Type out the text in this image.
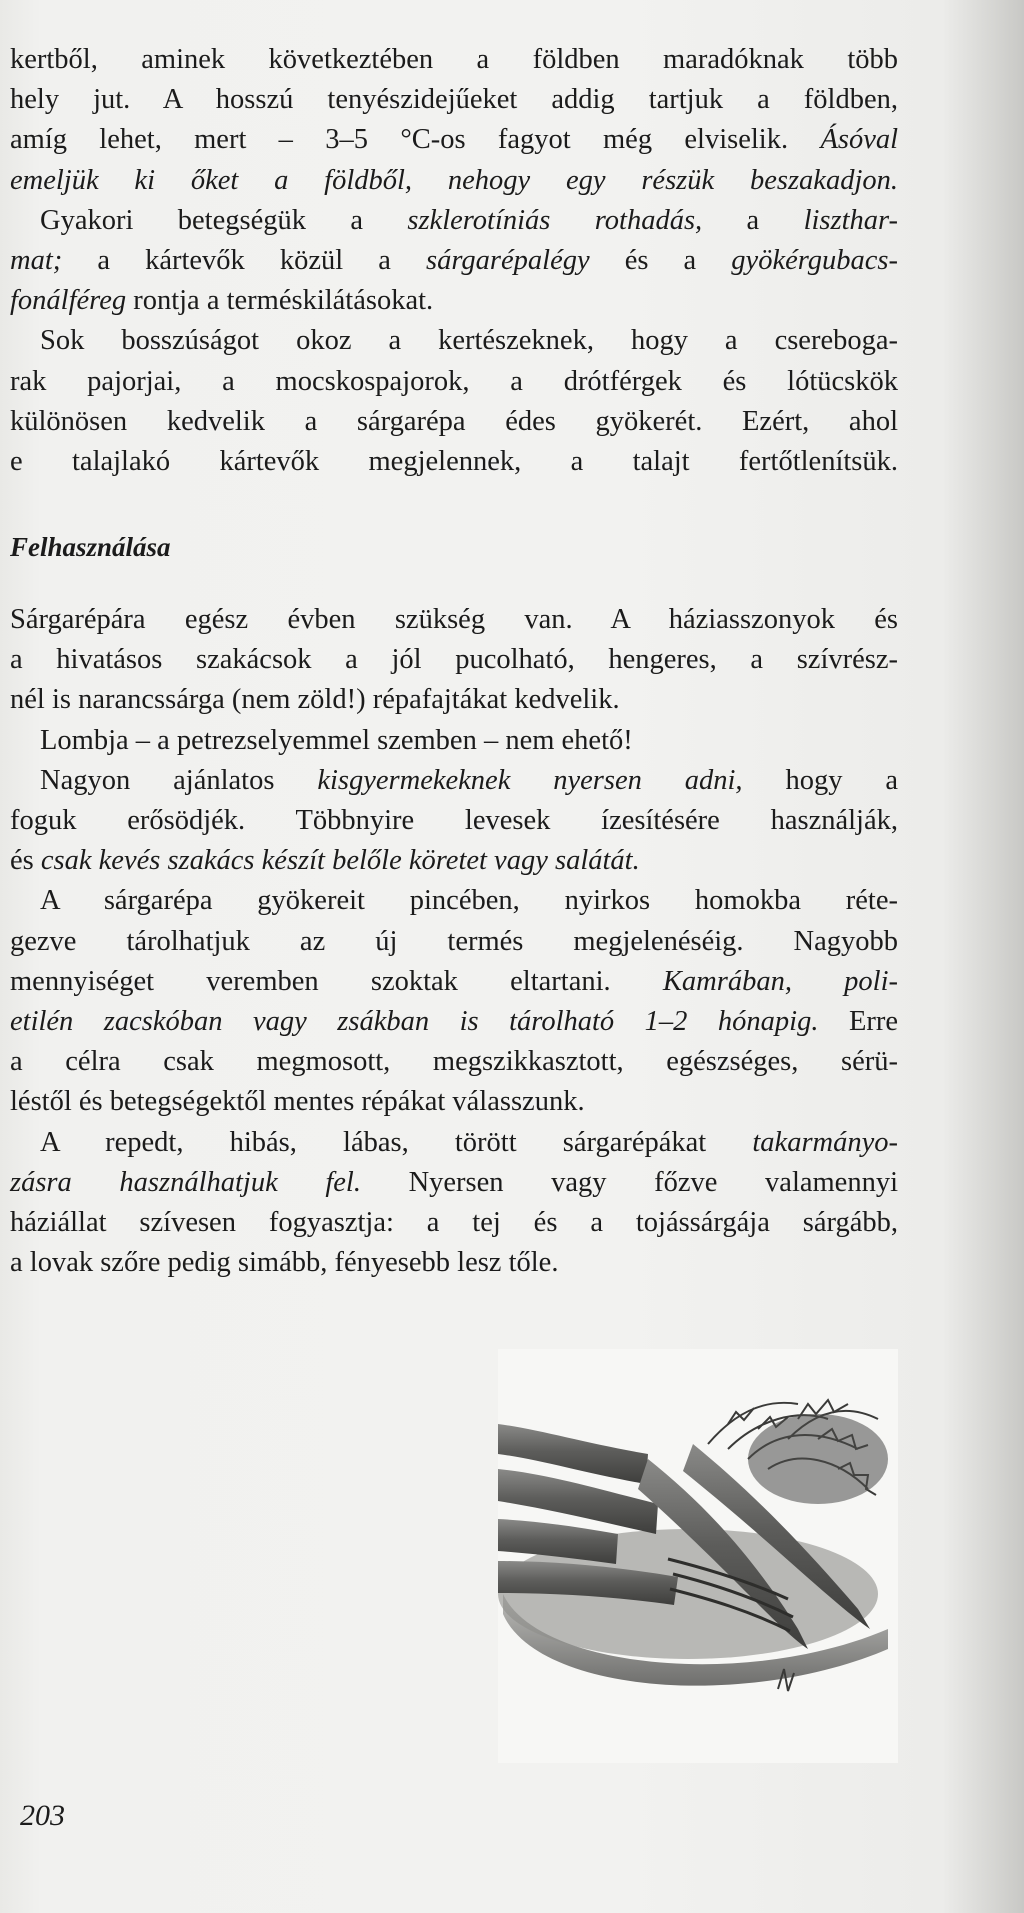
kertből, aminek következtében a földben maradóknak több
hely jut. A hosszú tenyészidejűeket addig tartjuk a földben,
amíg lehet, mert – 3–5 °C-os fagyot még elviselik. Ásóval
emeljük ki őket a földből, nehogy egy részük beszakadjon.

Gyakori betegségük a szklerotíniás rothadás, a liszthar-
mat; a kártevők közül a sárgarépalégy és a gyökérgubacs-
fonálféreg rontja a terméskilátásokat.

Sok bosszúságot okoz a kertészeknek, hogy a cserebogа-
rak pajorjai, a mocskospajorok, a drótférgek és lótücskök
különösen kedvelik a sárgarépa édes gyökerét. Ezért, ahol
e talajlakó kártevők megjelennek, a talajt fertőtlenítsük.

Felhasználása

Sárgarépára egész évben szükség van. A háziasszonyok és
a hivatásos szakácsok a jól pucolható, hengeres, a szívrész-
nél is narancssárga (nem zöld!) répafajtákat kedvelik.

Lombja – a petrezselyemmel szemben – nem ehető!

Nagyon ajánlatos kisgyermekeknek nyersen adni, hogy a
foguk erősödjék. Többnyire levesek ízesítésére használják,
és csak kevés szakács készít belőle köretet vagy salátát.

A sárgarépa gyökereit pincében, nyirkos homokba réte-
gezve tárolhatjuk az új termés megjelenéséig. Nagyobb
mennyiséget veremben szoktak eltartani. Kamrában, poli-
etilén zacskóban vagy zsákban is tárolható 1–2 hónapig. Erre
a célra csak megmosott, megszikkasztott, egészséges, sérü-
léstől és betegségektől mentes répákat válasszunk.

A repedt, hibás, lábas, törött sárgarépákat takarmányo-
zásra használhatjuk fel. Nyersen vagy főzve valamennyi
háziállat szívesen fogyasztja: a tej és a tojássárgája sárgább,
a lovak szőre pedig simább, fényesebb lesz tőle.

203
